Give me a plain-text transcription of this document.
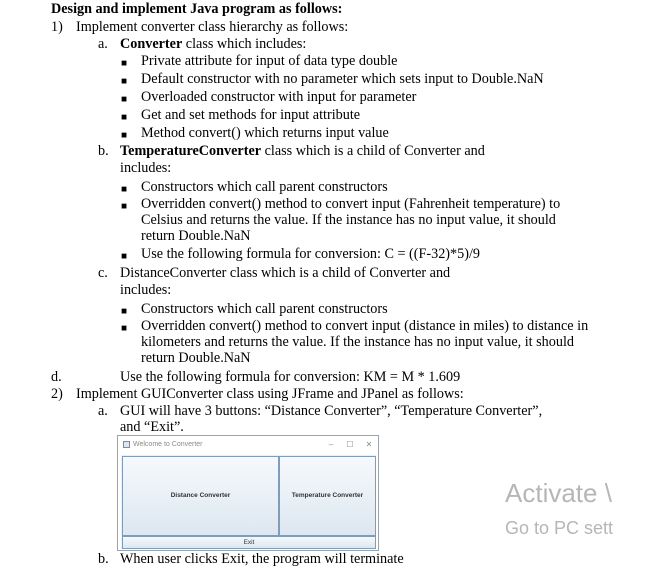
Design and implement Java program as follows:
1) Implement converter class hierarchy as follows:
a. Converter class which includes:
■ Private attribute for input of data type double
■ Default constructor with no parameter which sets input to Double.NaN
■ Overloaded constructor with input for parameter
■ Get and set methods for input attribute
■ Method convert() which returns input value
b. TemperatureConverter class which is a child of Converter and
includes:
■ Constructors which call parent constructors
■ Overridden convert() method to convert input (Fahrenheit temperature) to
Celsius and returns the value. If the instance has no input value, it should
return Double.NaN
■ Use the following formula for conversion: C = ((F-32)*5)/9
c. DistanceConverter class which is a child of Converter and
includes:
■ Constructors which call parent constructors
■ Overridden convert() method to convert input (distance in miles) to distance in
kilometers and returns the value. If the instance has no input value, it should
return Double.NaN
d.	Use the following formula for conversion: KM = M * 1.609
2) Implement GUIConverter class using JFrame and JPanel as follows:
a. GUI will have 3 buttons: “Distance Converter”, “Temperature Converter”,
and “Exit”.
Welcome to Converter	–	☐	✕
Distance Converter	Temperature Converter
Exit
Activate \
Go to PC sett
b. When user clicks Exit, the program will terminate
